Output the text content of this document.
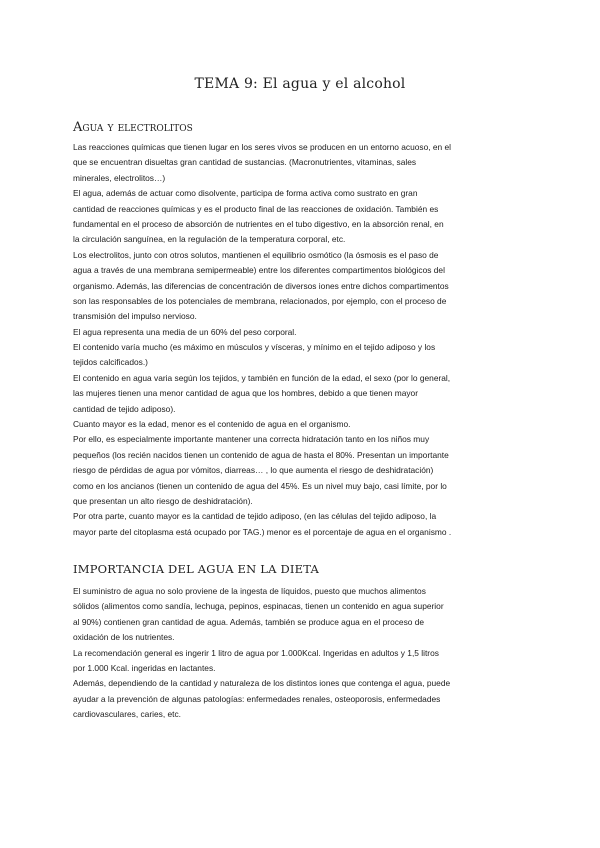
TEMA 9: El agua y el alcohol
Agua y electrolitos
Las reacciones químicas que tienen lugar en los seres vivos se producen en un entorno acuoso, en el
que se encuentran disueltas gran cantidad de sustancias. (Macronutrientes, vitaminas, sales
minerales, electrolitos…)
El agua, además de actuar como disolvente, participa de forma activa como sustrato en gran
cantidad de reacciones químicas y es el producto final de las reacciones de oxidación. También es
fundamental en el proceso de absorción de nutrientes en el tubo digestivo, en la absorción renal, en
la circulación sanguínea, en la regulación de la temperatura corporal, etc.
Los electrolitos, junto con otros solutos, mantienen el equilibrio osmótico (la ósmosis es el paso de
agua a través de una membrana semipermeable) entre los diferentes compartimentos biológicos del
organismo. Además, las diferencias de concentración de diversos iones entre dichos compartimentos
son las responsables de los potenciales de membrana, relacionados, por ejemplo, con el proceso de
transmisión del impulso nervioso.
El agua representa una media de un 60% del peso corporal.
El contenido varía mucho (es máximo en músculos y vísceras, y mínimo en el tejido adiposo y los
tejidos calcificados.)
El contenido en agua varia según los tejidos, y también en función de la edad, el sexo (por lo general,
las mujeres tienen una menor cantidad de agua que los hombres, debido a que tienen mayor
cantidad de tejido adiposo).
Cuanto mayor es la edad, menor es el contenido de agua en el organismo.
Por ello, es especialmente importante mantener una correcta hidratación tanto en los niños muy
pequeños (los recién nacidos tienen un contenido de agua de hasta el 80%. Presentan un importante
riesgo de pérdidas de agua por vómitos, diarreas… , lo que aumenta el riesgo de deshidratación)
como en los ancianos (tienen un contenido de agua del 45%. Es un nivel muy bajo, casi límite, por lo
que presentan un alto riesgo de deshidratación).
Por otra parte, cuanto mayor es la cantidad de tejido adiposo, (en las células del tejido adiposo, la
mayor parte del citoplasma está ocupado por TAG.) menor es el porcentaje de agua en el organismo .
IMPORTANCIA DEL AGUA EN LA DIETA
El suministro de agua no solo proviene de la ingesta de líquidos, puesto que muchos alimentos
sólidos (alimentos como sandía, lechuga, pepinos, espinacas, tienen un contenido en agua superior
al 90%) contienen gran cantidad de agua. Además, también se produce agua en el proceso de
oxidación de los nutrientes.
La recomendación general es ingerir 1 litro de agua por 1.000Kcal. Ingeridas en adultos y 1,5 litros
por 1.000 Kcal. ingeridas en lactantes.
Además, dependiendo de la cantidad y naturaleza de los distintos iones que contenga el agua, puede
ayudar a la prevención de algunas patologías: enfermedades renales, osteoporosis, enfermedades
cardiovasculares, caries, etc.
